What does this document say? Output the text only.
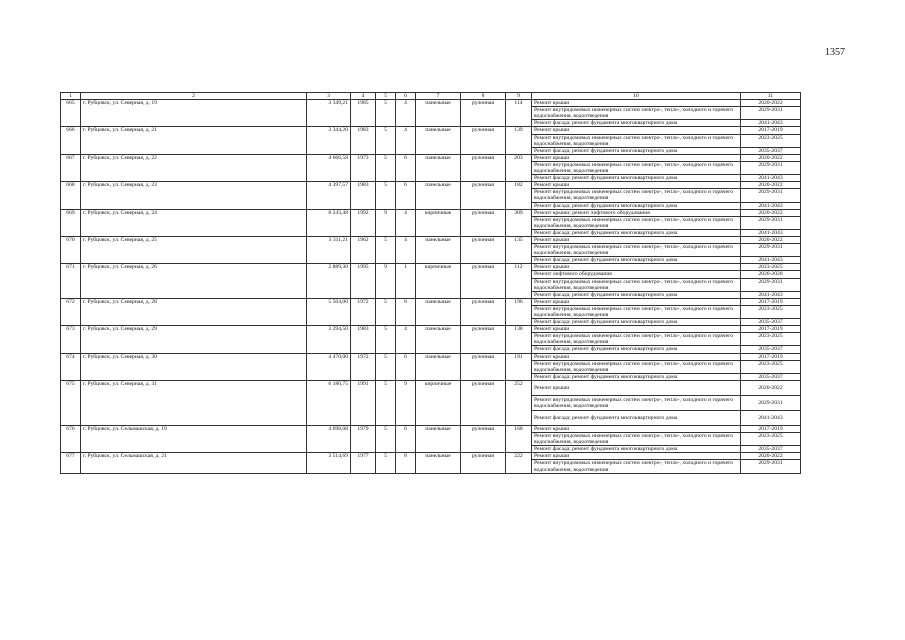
1357
1	2	3	4	5	6	7	8	9	10	11
665	г. Рубцовск, ул. Северная, д. 19	3 349,21	1985	5	4	панельные	рулонная	114	Ремонт крыши	2020-2022
									Ремонт внутридомовых инженерных систем электро-, тепло-, холодного и горячего водоснабжения, водоотведения	2029-2031
									Ремонт фасада; ремонт фундамента многоквартирного дома	2041-2043
666	г. Рубцовск, ул. Северная, д. 21	3 344,20	1983	5	4	панельные	рулонная	139	Ремонт крыши	2017-2019
									Ремонт внутридомовых инженерных систем электро-, тепло-, холодного и горячего водоснабжения, водоотведения	2023-2025
									Ремонт фасада; ремонт фундамента многоквартирного дома	2035-2037
667	г. Рубцовск, ул. Северная, д. 22	4 666,58	1973	5	6	панельные	рулонная	203	Ремонт крыши	2020-2022
									Ремонт внутридомовых инженерных систем электро-, тепло-, холодного и горячего водоснабжения, водоотведения	2029-2031
									Ремонт фасада; ремонт фундамента многоквартирного дома	2041-2043
668	г. Рубцовск, ул. Северная, д. 23	4 397,57	1983	5	6	панельные	рулонная	182	Ремонт крыши	2020-2022
									Ремонт внутридомовых инженерных систем электро-, тепло-, холодного и горячего водоснабжения, водоотведения	2029-2031
									Ремонт фасада; ремонт фундамента многоквартирного дома	2041-2043
669	г. Рубцовск, ул. Северная, д. 24	8 243,48	1992	9	4	кирпичные	рулонная	309	Ремонт крыши; ремонт лифтового оборудования	2020-2022
									Ремонт внутридомовых инженерных систем электро-, тепло-, холодного и горячего водоснабжения, водоотведения	2029-2031
									Ремонт фасада; ремонт фундамента многоквартирного дома	2041-2043
670	г. Рубцовск, ул. Северная, д. 25	3 311,21	1962	5	4	панельные	рулонная	135	Ремонт крыши	2020-2022
									Ремонт внутридомовых инженерных систем электро-, тепло-, холодного и горячего водоснабжения, водоотведения	2029-2031
									Ремонт фасада; ремонт фундамента многоквартирного дома	2041-2043
671	г. Рубцовск, ул. Северная, д. 26	2 889,30	1995	9	1	кирпичные	рулонная	112	Ремонт крыши	2023-2025
									Ремонт лифтового оборудования	2026-2028
									Ремонт внутридомовых инженерных систем электро-, тепло-, холодного и горячего водоснабжения, водоотведения	2029-2031
									Ремонт фасада; ремонт фундамента многоквартирного дома	2041-2043
672	г. Рубцовск, ул. Северная, д. 28	5 504,00	1972	5	8	панельные	рулонная	196	Ремонт крыши	2017-2019
									Ремонт внутридомовых инженерных систем электро-, тепло-, холодного и горячего водоснабжения, водоотведения	2023-2025
									Ремонт фасада; ремонт фундамента многоквартирного дома	2035-2037
673	г. Рубцовск, ул. Северная, д. 29	3 294,50	1983	5	4	панельные	рулонная	138	Ремонт крыши	2017-2019
									Ремонт внутридомовых инженерных систем электро-, тепло-, холодного и горячего водоснабжения, водоотведения	2023-2025
									Ремонт фасада; ремонт фундамента многоквартирного дома	2035-2037
674	г. Рубцовск, ул. Северная, д. 30	4 470,00	1972	5	6	панельные	рулонная	191	Ремонт крыши	2017-2019
									Ремонт внутридомовых инженерных систем электро-, тепло-, холодного и горячего водоснабжения, водоотведения	2023-2025
									Ремонт фасада; ремонт фундамента многоквартирного дома	2035-2037
675	г. Рубцовск, ул. Северная, д. 31	6 180,75	1991	5	9	кирпичные	рулонная	252	Ремонт крыши	2020-2022
									Ремонт внутридомовых инженерных систем электро-, тепло-, холодного и горячего водоснабжения, водоотведения	2029-2031
									Ремонт фасада; ремонт фундамента многоквартирного дома	2041-2043
676	г. Рубцовск, ул. Сельмашская, д. 19	4 698,08	1979	5	6	панельные	рулонная	168	Ремонт крыши	2017-2019
									Ремонт внутридомовых инженерных систем электро-, тепло-, холодного и горячего водоснабжения, водоотведения	2023-2025
									Ремонт фасада; ремонт фундамента многоквартирного дома	2035-2037
677	г. Рубцовск, ул. Сельмашская, д. 21	3 514,69	1977	5	8	панельные	рулонная	222	Ремонт крыши	2020-2022
									Ремонт внутридомовых инженерных систем электро-, тепло-, холодного и горячего водоснабжения, водоотведения	2029-2031
